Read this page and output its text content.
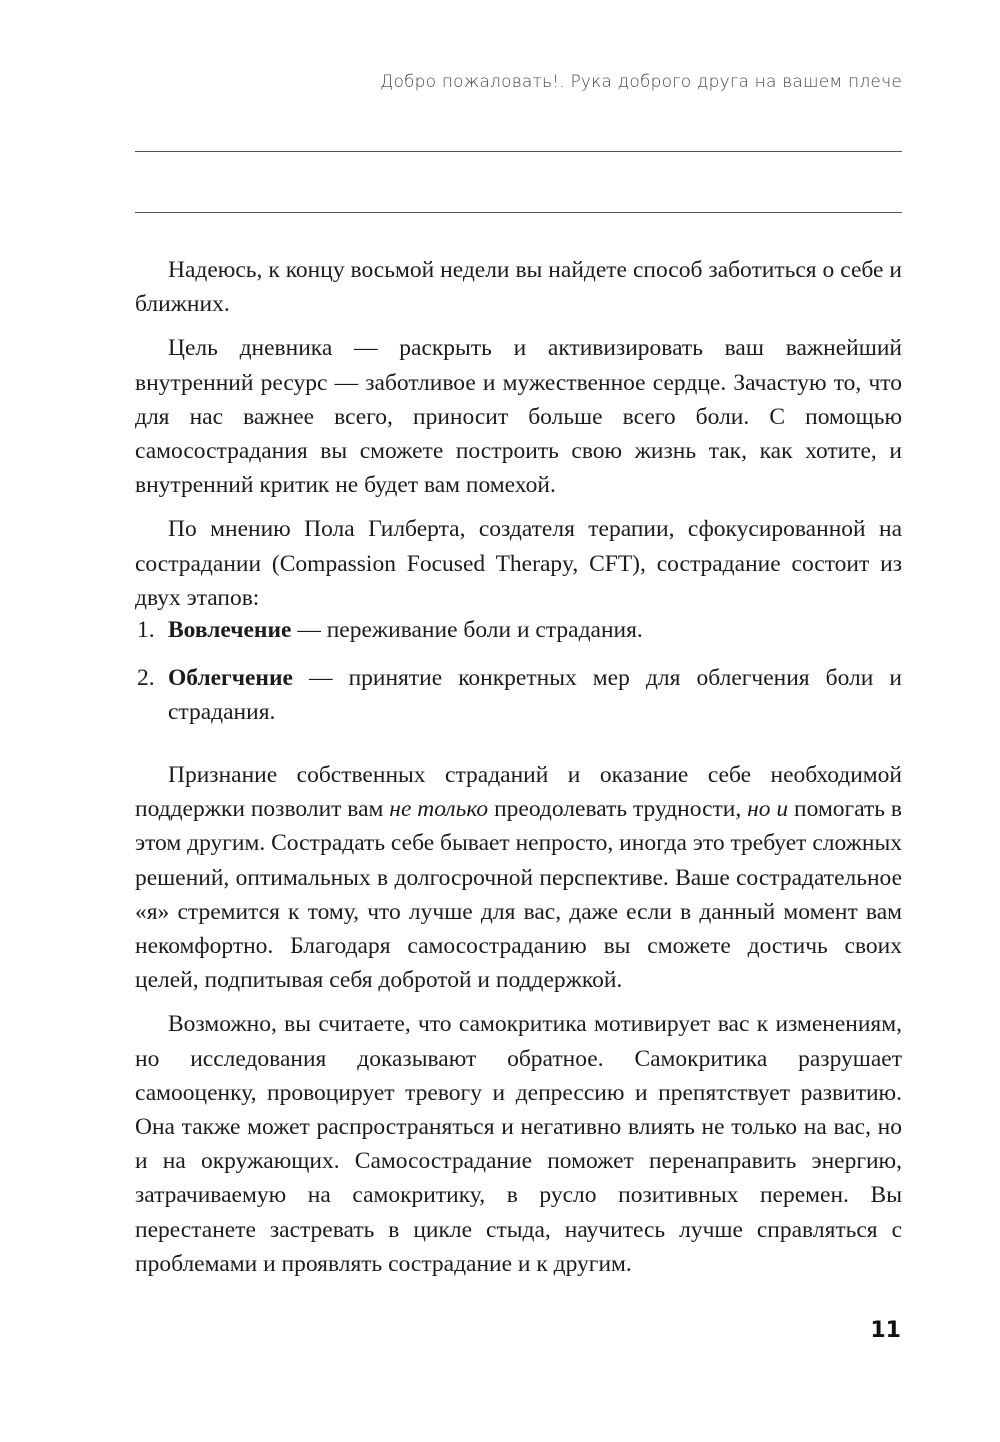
Добро пожаловать!. Рука доброго друга на вашем плече

Надеюсь, к концу восьмой недели вы найдете способ заботиться о себе и ближних.

Цель дневника — раскрыть и активизировать ваш важнейший внутренний ресурс — заботливое и мужественное сердце. Зачастую то, что для нас важнее всего, приносит больше всего боли. С помощью самосострадания вы сможете построить свою жизнь так, как хотите, и внутренний критик не будет вам помехой.

По мнению Пола Гилберта, создателя терапии, сфокусированной на сострадании (Compassion Focused Therapy, CFT), сострадание состоит из двух этапов:

1. Вовлечение — переживание боли и страдания.
2. Облегчение — принятие конкретных мер для облегчения боли и страдания.

Признание собственных страданий и оказание себе необходимой поддержки позволит вам не только преодолевать трудности, но и помогать в этом другим. Сострадать себе бывает непросто, иногда это требует сложных решений, оптимальных в долгосрочной перспективе. Ваше сострадательное «я» стремится к тому, что лучше для вас, даже если в данный момент вам некомфортно. Благодаря самосостраданию вы сможете достичь своих целей, подпитывая себя добротой и поддержкой.

Возможно, вы считаете, что самокритика мотивирует вас к изменениям, но исследования доказывают обратное. Самокритика разрушает самооценку, провоцирует тревогу и депрессию и препятствует развитию. Она также может распространяться и негативно влиять не только на вас, но и на окружающих. Самосострадание поможет перенаправить энергию, затрачиваемую на самокритику, в русло позитивных перемен. Вы перестанете застревать в цикле стыда, научитесь лучше справляться с проблемами и проявлять сострадание и к другим.

11
